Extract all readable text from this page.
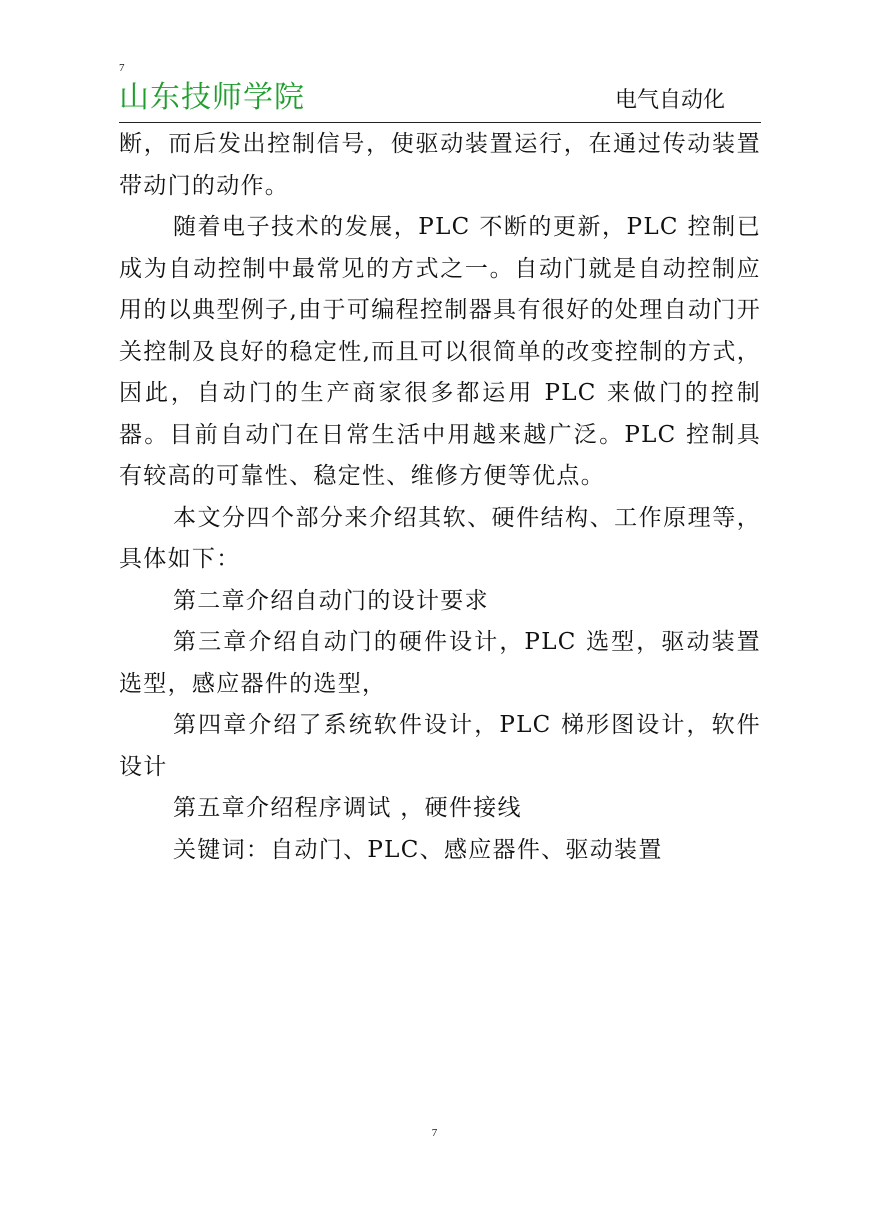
7
山东技师学院	电气自动化

断，而后发出控制信号，使驱动装置运行，在通过传动装置带动门的动作。

随着电子技术的发展，PLC 不断的更新，PLC 控制已成为自动控制中最常见的方式之一。自动门就是自动控制应用的以典型例子,由于可编程控制器具有很好的处理自动门开关控制及良好的稳定性,而且可以很简单的改变控制的方式，因此，自动门的生产商家很多都运用 PLC 来做门的控制器。目前自动门在日常生活中用越来越广泛。PLC 控制具有较高的可靠性、稳定性、维修方便等优点。

本文分四个部分来介绍其软、硬件结构、工作原理等，具体如下：

第二章介绍自动门的设计要求

第三章介绍自动门的硬件设计，PLC 选型，驱动装置选型，感应器件的选型，

第四章介绍了系统软件设计，PLC 梯形图设计，软件设计

第五章介绍程序调试 ，硬件接线

关键词：自动门、PLC、感应器件、驱动装置

7
